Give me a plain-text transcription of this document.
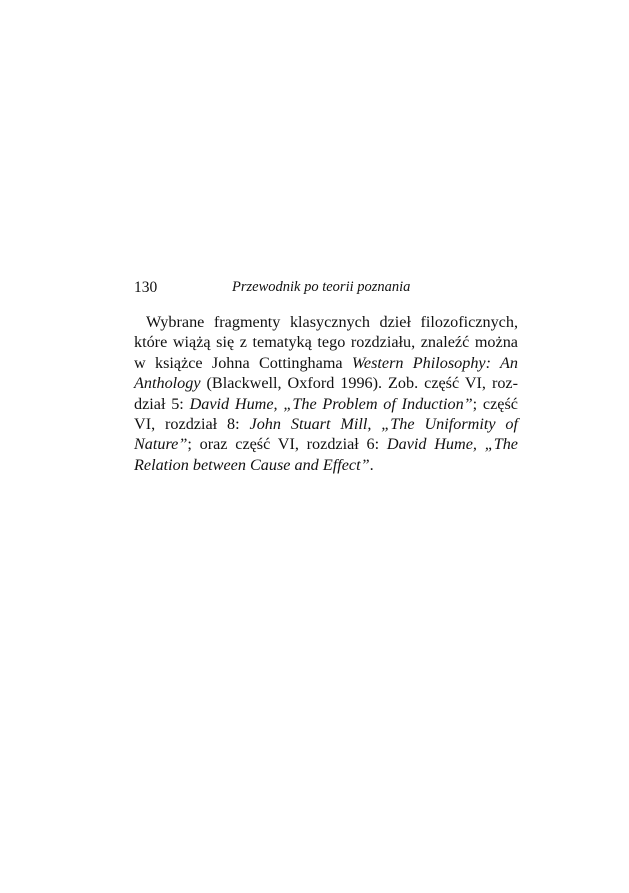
130	Przewodnik po teorii poznania

Wybrane fragmenty klasycznych dzieł filozoficznych, które wiążą się z tematyką tego rozdziału, znaleźć można w książce Johna Cottinghama Western Philosophy: An Anthology (Blackwell, Oxford 1996). Zob. część VI, roz-dział 5: David Hume, „The Problem of Induction”; część VI, rozdział 8: John Stuart Mill, „The Uniformity of Nature”; oraz część VI, rozdział 6: David Hume, „The Relation between Cause and Effect”.
